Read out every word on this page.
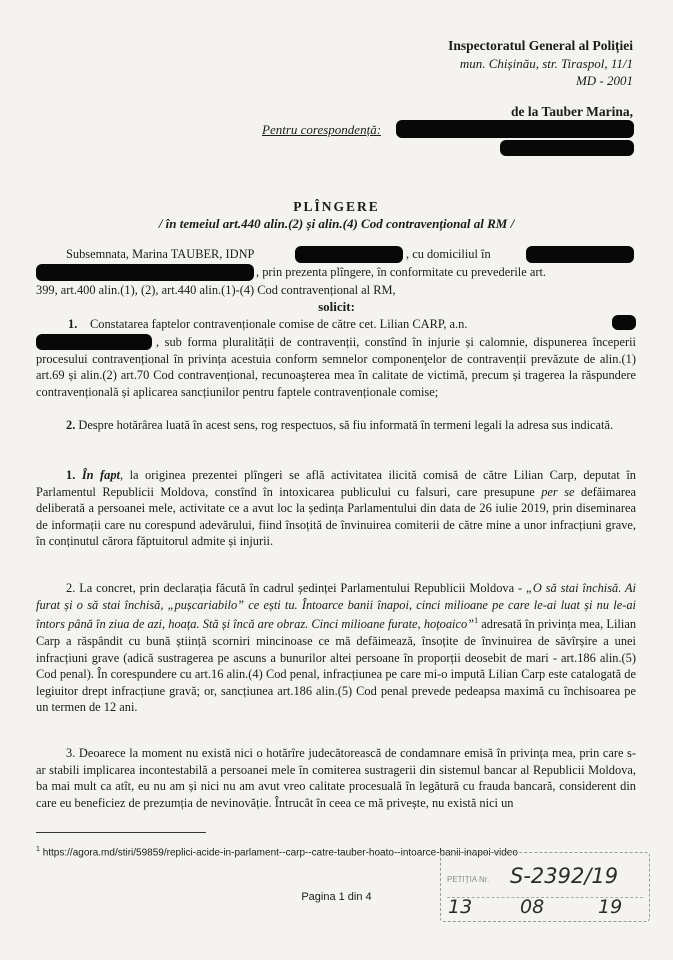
Inspectoratul General al Poliției
mun. Chișinău, str. Tiraspol, 11/1
MD - 2001
de la Tauber Marina,
Pentru corespondență:
PLÎNGERE
/ în temeiul art.440 alin.(2) și alin.(4) Cod contravențional al RM /
Subsemnata, Marina TAUBER, IDNP	, cu domiciliul în
, prin prezenta plîngere, în conformitate cu prevederile art.
399, art.400 alin.(1), (2), art.440 alin.(1)-(4) Cod contravențional al RM,
solicit:
1. Constatarea faptelor contravenționale comise de către cet. Lilian CARP, a.n.
, sub forma pluralității de contravenții, constînd în injurie și calomnie, dispunerea începerii procesului contravențional în privința acestuia conform semnelor componenţelor de contravenții prevăzute de alin.(1) art.69 și alin.(2) art.70 Cod contravențional, recunoaşterea mea în calitate de victimă, precum și tragerea la răspundere contravențională și aplicarea sancțiunilor pentru faptele contravenționale comise;

2. Despre hotărârea luată în acest sens, rog respectuos, să fiu informată în termeni legali la adresa sus indicată.

1. În fapt, la originea prezentei plîngeri se află activitatea ilicită comisă de către Lilian Carp, deputat în Parlamentul Republicii Moldova, constînd în intoxicarea publicului cu falsuri, care presupune per se defăimarea deliberată a persoanei mele, activitate ce a avut loc la ședința Parlamentului din data de 26 iulie 2019, prin diseminarea de informații care nu corespund adevărului, fiind însoțită de învinuirea comiterii de către mine a unor infracțiuni grave, în conținutul cărora făptuitorul admite și injurii.

2. La concret, prin declarația făcută în cadrul ședinței Parlamentului Republicii Moldova - „O să stai închisă. Ai furat și o să stai închisă, „pușcariabilo” ce ești tu. Întoarce banii înapoi, cinci milioane pe care le-ai luat și nu le-ai întors până în ziua de azi, hoața. Stă și încă are obraz. Cinci milioane furate, hoțoaico”$^1$ adresată în privința mea, Lilian Carp a răspândit cu bună știință scorniri mincinoase ce mă defăimează, însoțite de învinuirea de săvîrșire a unei infracțiuni grave (adică sustragerea pe ascuns a bunurilor altei persoane în proporții deosebit de mari - art.186 alin.(5) Cod penal). În corespundere cu art.16 alin.(4) Cod penal, infracțiunea pe care mi-o impută Lilian Carp este catalogată de legiuitor drept infracțiune gravă; or, sancțiunea art.186 alin.(5) Cod penal prevede pedeapsa maximă cu închisoarea pe un termen de 12 ani.

3. Deoarece la moment nu există nici o hotărîre judecătorească de condamnare emisă în privința mea, prin care s-ar stabili implicarea incontestabilă a persoanei mele în comiterea sustragerii din sistemul bancar al Republicii Moldova, ba mai mult ca atît, eu nu am și nici nu am avut vreo calitate procesuală în legătură cu frauda bancară, considerent din care eu beneficiez de prezumția de nevinovăție. Întrucât în ceea ce mă privește, nu există nici un

$^1$ https://agora.md/stiri/59859/replici-acide-in-parlament--carp--catre-tauber-hoato--intoarce-banii-inapoi-video
Pagina 1 din 4
PETIȚIA Nr. S-2392/19
13	08	19
